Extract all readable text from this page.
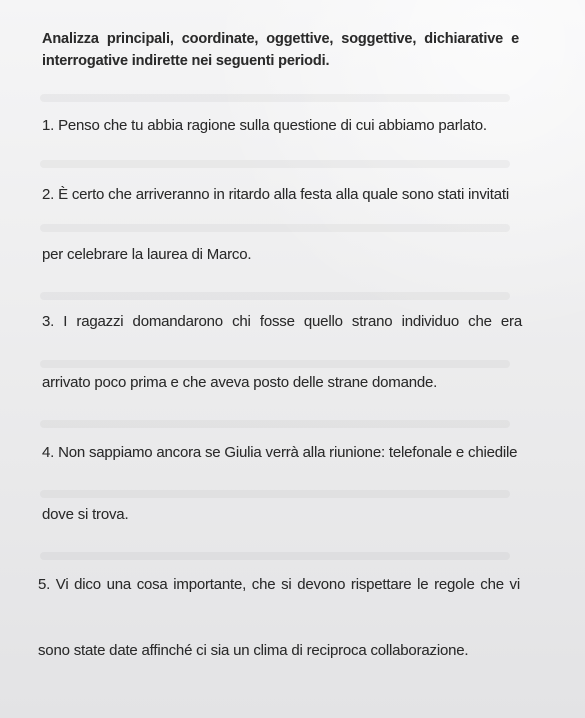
Analizza principali, coordinate, oggettive, soggettive, dichiarative e

interrogative indirette nei seguenti periodi.

1. Penso che tu abbia ragione sulla questione di cui abbiamo parlato.

2. È certo che arriveranno in ritardo alla festa alla quale sono stati invitati

per celebrare la laurea di Marco.

3. I ragazzi domandarono chi fosse quello strano individuo che era

arrivato poco prima e che aveva posto delle strane domande.

4. Non sappiamo ancora se Giulia verrà alla riunione: telefonale e chiedile

dove si trova.

5. Vi dico una cosa importante, che si devono rispettare le regole che vi

sono state date affinché ci sia un clima di reciproca collaborazione.
